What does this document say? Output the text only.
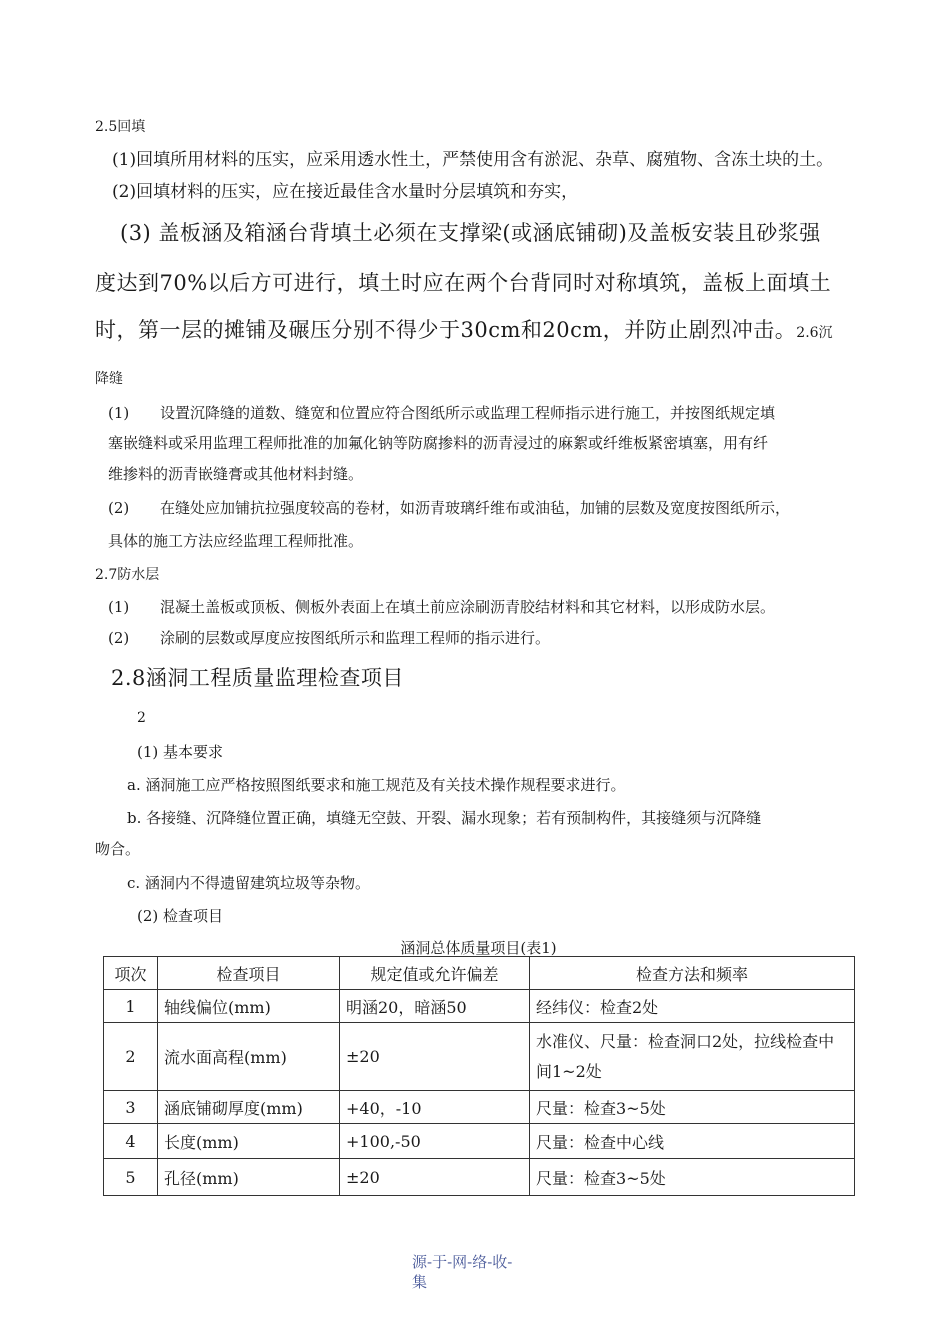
2.5回填
(1)回填所用材料的压实，应采用透水性土，严禁使用含有淤泥、杂草、腐殖物、含冻土块的土。
(2)回填材料的压实，应在接近最佳含水量时分层填筑和夯实，
(3) 盖板涵及箱涵台背填土必须在支撑梁(或涵底铺砌)及盖板安装且砂浆强
度达到70%以后方可进行，填土时应在两个台背同时对称填筑，盖板上面填土
时，第一层的摊铺及碾压分别不得少于30cm和20cm，并防止剧烈冲击。2.6沉
降缝
(1) 设置沉降缝的道数、缝宽和位置应符合图纸所示或监理工程师指示进行施工，并按图纸规定填
塞嵌缝料或采用监理工程师批准的加氟化钠等防腐掺料的沥青浸过的麻絮或纤维板紧密填塞，用有纤
维掺料的沥青嵌缝膏或其他材料封缝。
(2) 在缝处应加铺抗拉强度较高的卷材，如沥青玻璃纤维布或油毡，加铺的层数及宽度按图纸所示，
具体的施工方法应经监理工程师批准。
2.7防水层
(1) 混凝土盖板或顶板、侧板外表面上在填土前应涂刷沥青胶结材料和其它材料，以形成防水层。
(2) 涂刷的层数或厚度应按图纸所示和监理工程师的指示进行。
2.8涵洞工程质量监理检查项目
2
(1) 基本要求
a. 涵洞施工应严格按照图纸要求和施工规范及有关技术操作规程要求进行。
b. 各接缝、沉降缝位置正确，填缝无空鼓、开裂、漏水现象；若有预制构件，其接缝须与沉降缝
吻合。
c. 涵洞内不得遗留建筑垃圾等杂物。
(2) 检查项目
涵洞总体质量项目(表1)
项次	检查项目	规定值或允许偏差	检查方法和频率
1	轴线偏位(mm)	明涵20，暗涵50	经纬仪：检查2处
2	流水面高程(mm)	±20	水准仪、尺量：检查洞口2处，拉线检查中间1~2处
3	涵底铺砌厚度(mm)	+40，-10	尺量：检查3~5处
4	长度(mm)	+100,-50	尺量：检查中心线
5	孔径(mm)	±20	尺量：检查3~5处
源-于-网-络-收-
集
